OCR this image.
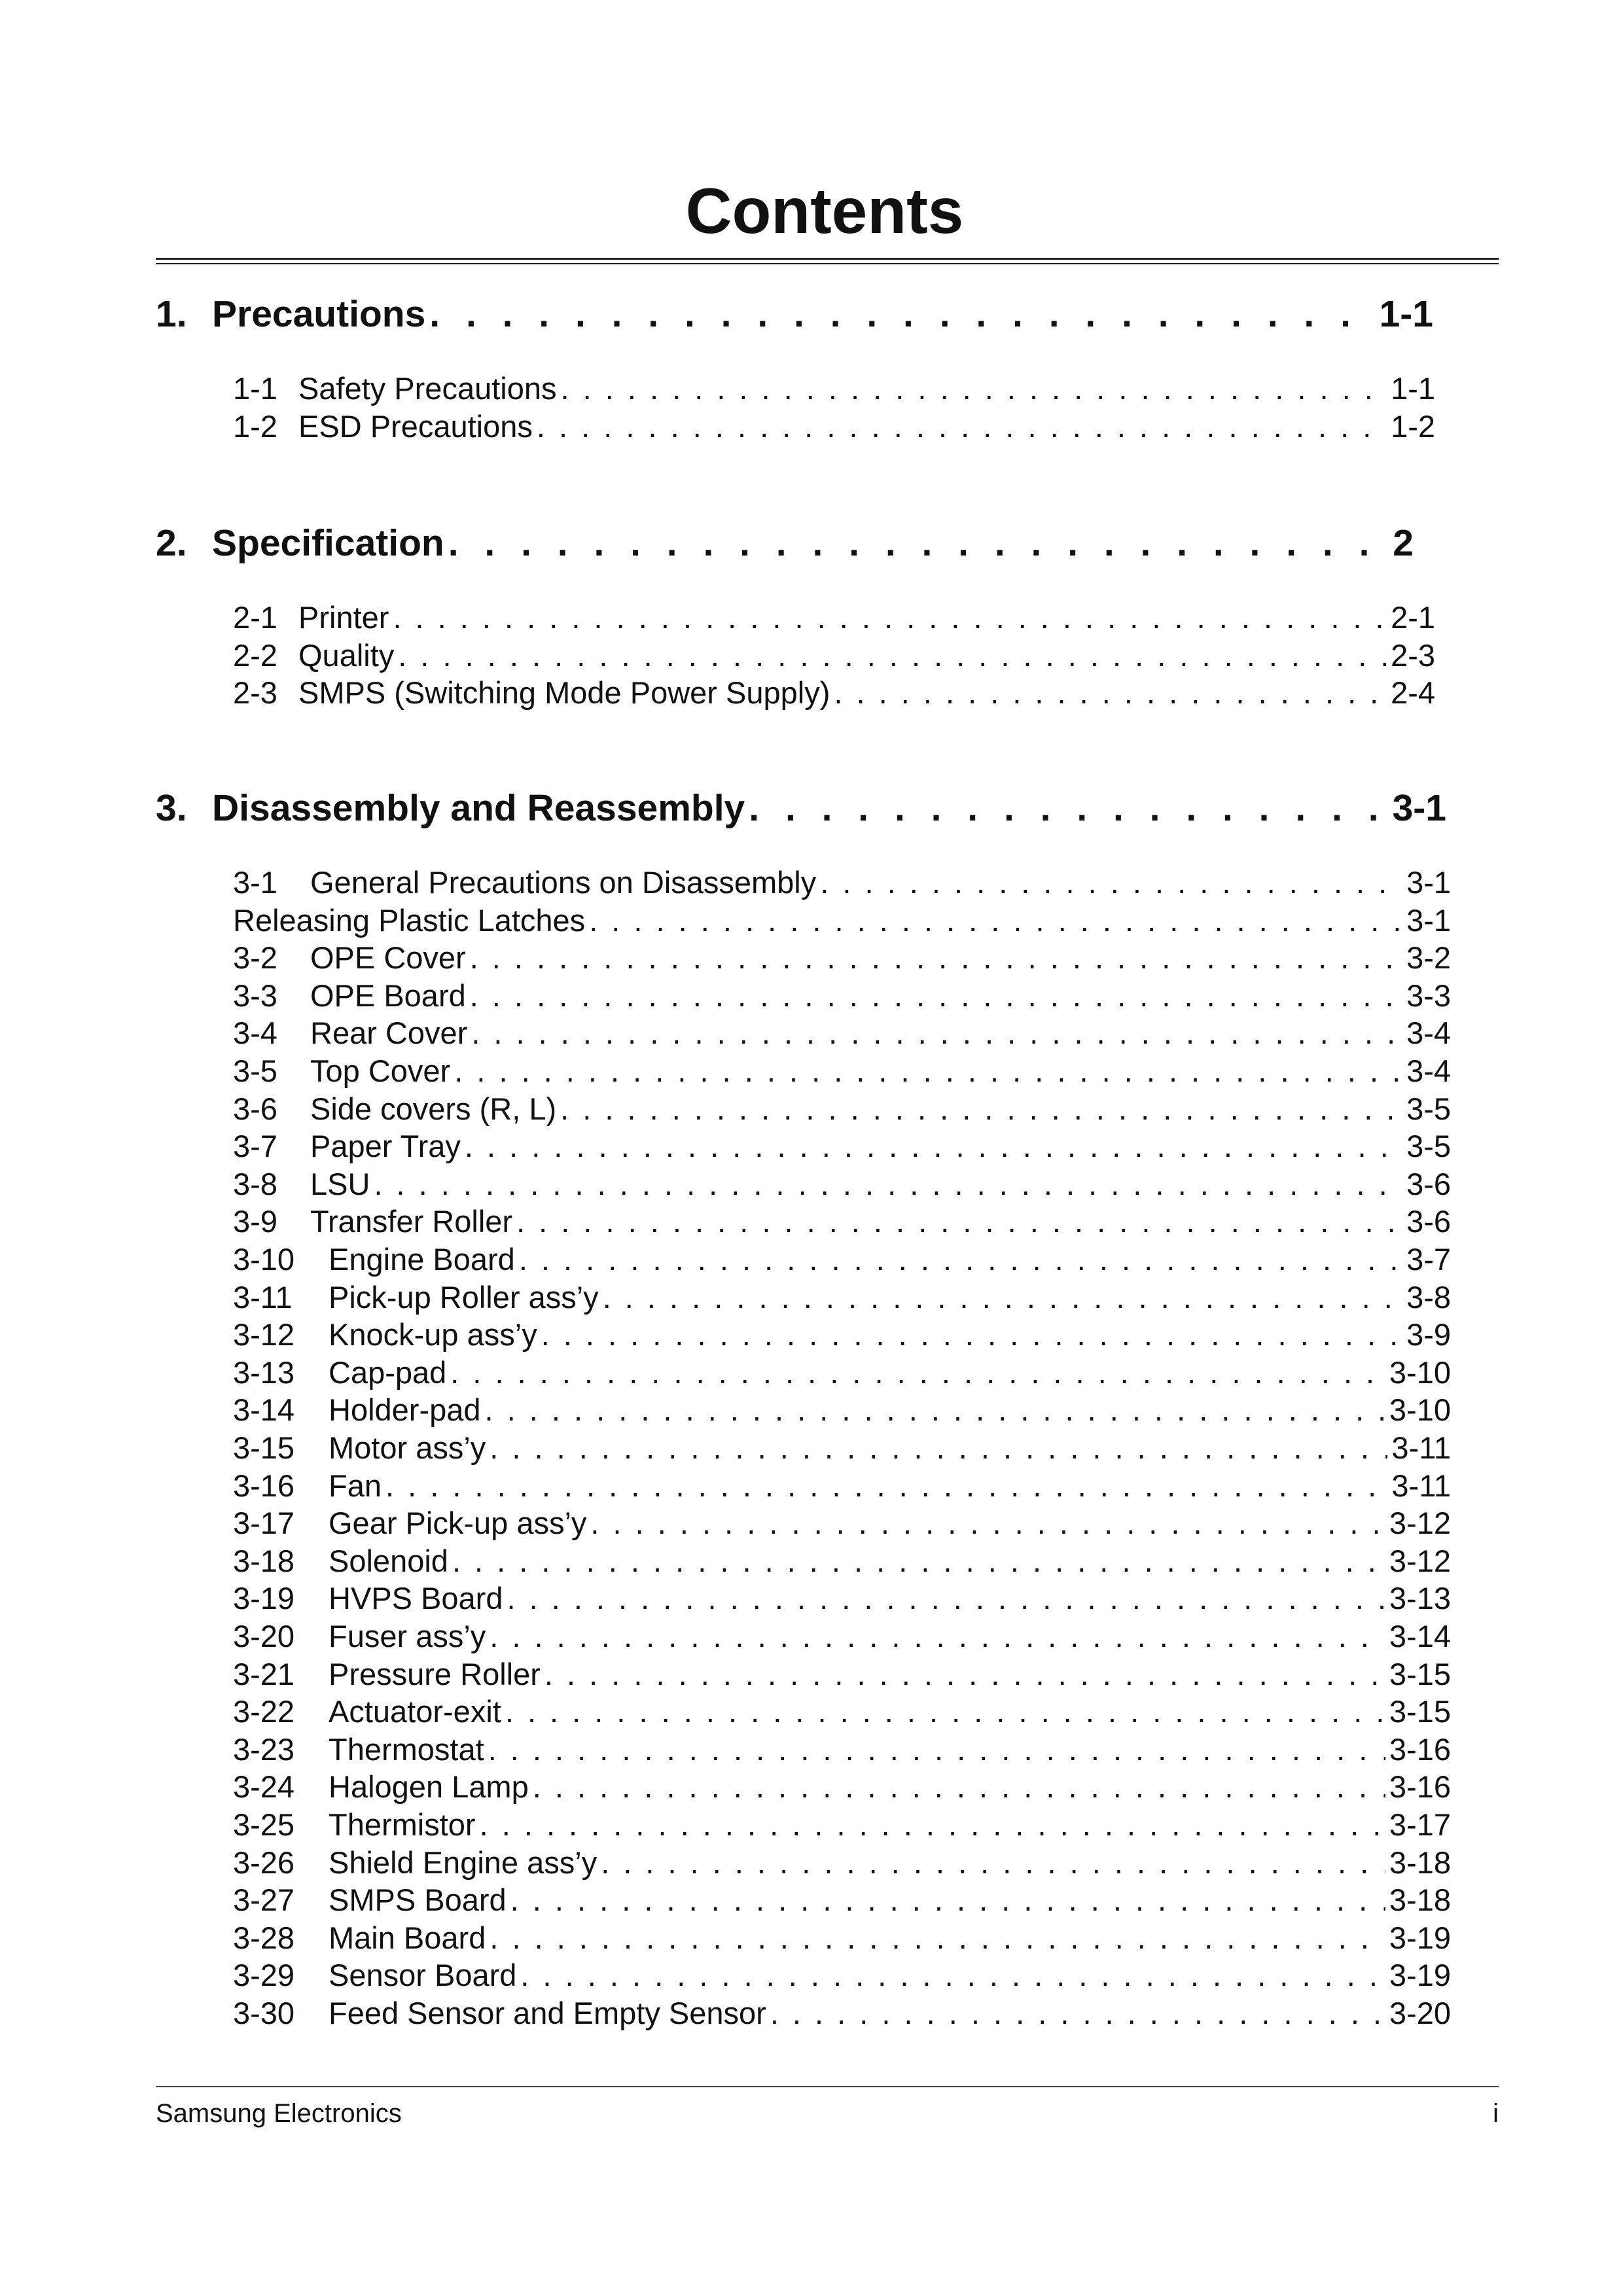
Contents
1. Precautions . . .	1-1
1-1 Safety Precautions . . .	1-1
1-2 ESD Precautions . . .	1-2
2. Specification . . .	2
2-1 Printer . . .	2-1
2-2 Quality . . .	2-3
2-3 SMPS (Switching Mode Power Supply) . . .	2-4
3. Disassembly and Reassembly . . .	3-1
3-1	General Precautions on Disassembly . . .	3-1
Releasing Plastic Latches . . .	3-1
3-2	OPE Cover . . .	3-2
3-3	OPE Board . . .	3-3
3-4	Rear Cover . . .	3-4
3-5	Top Cover . . .	3-4
3-6	Side covers (R, L) . . .	3-5
3-7	Paper Tray . . .	3-5
3-8	LSU . . .	3-6
3-9	Transfer Roller . . .	3-6
3-10	Engine Board . . .	3-7
3-11	Pick-up Roller ass’y . . .	3-8
3-12	Knock-up ass’y . . .	3-9
3-13	Cap-pad . . .	3-10
3-14	Holder-pad . . .	3-10
3-15	Motor ass’y . . .	3-11
3-16	Fan . . .	3-11
3-17	Gear Pick-up ass’y . . .	3-12
3-18	Solenoid . . .	3-12
3-19	HVPS Board . . .	3-13
3-20	Fuser ass’y . . .	3-14
3-21	Pressure Roller . . .	3-15
3-22	Actuator-exit . . .	3-15
3-23	Thermostat . . .	3-16
3-24	Halogen Lamp . . .	3-16
3-25	Thermistor . . .	3-17
3-26	Shield Engine ass’y . . .	3-18
3-27	SMPS Board . . .	3-18
3-28	Main Board . . .	3-19
3-29	Sensor Board . . .	3-19
3-30	Feed Sensor and Empty Sensor . . .	3-20
Samsung Electronics	i
